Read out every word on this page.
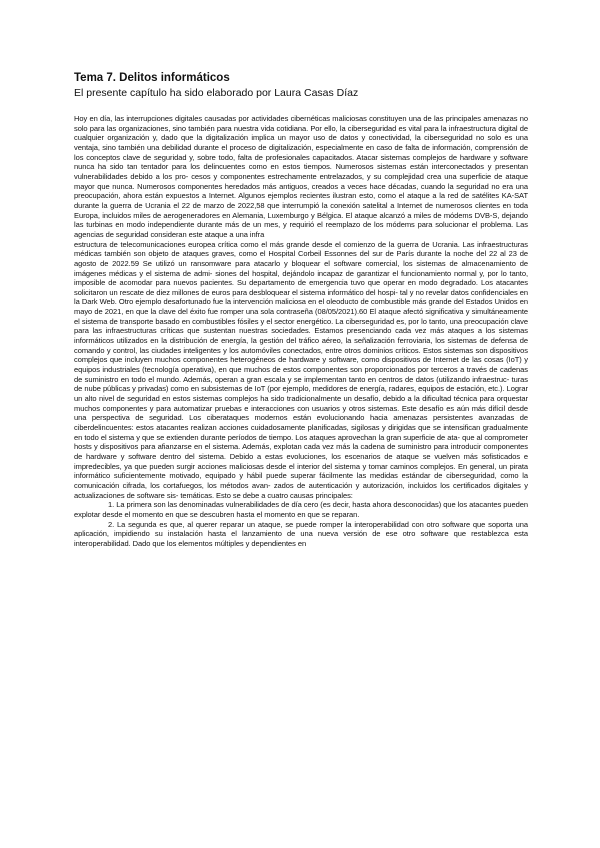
Tema 7. Delitos informáticos

El presente capítulo ha sido elaborado por Laura Casas Díaz

Hoy en día, las interrupciones digitales causadas por actividades cibernéticas maliciosas constituyen una de las principales amenazas no solo para las organizaciones, sino también para nuestra vida cotidiana. Por ello, la ciberseguridad es vital para la infraestructura digital de cualquier organización y, dado que la digitalización implica un mayor uso de datos y conectividad, la ciberseguridad no solo es una ventaja, sino también una debilidad durante el proceso de digitalización, especialmente en caso de falta de información, comprensión de los conceptos clave de seguridad y, sobre todo, falta de profesionales capacitados. Atacar sistemas complejos de hardware y software nunca ha sido tan tentador para los delincuentes como en estos tiempos. Numerosos sistemas están interconectados y presentan vulnerabilidades debido a los pro- cesos y componentes estrechamente entrelazados, y su complejidad crea una superficie de ataque mayor que nunca. Numerosos componentes heredados más antiguos, creados a veces hace décadas, cuando la seguridad no era una preocupación, ahora están expuestos a Internet. Algunos ejemplos recientes ilustran esto, como el ataque a la red de satélites KA-SAT durante la guerra de Ucrania el 22 de marzo de 2022,58 que interrumpió la conexión satelital a Internet de numerosos clientes en toda Europa, incluidos miles de aerogeneradores en Alemania, Luxemburgo y Bélgica. El ataque alcanzó a miles de módems DVB-S, dejando las turbinas en modo independiente durante más de un mes, y requirió el reemplazo de los módems para solucionar el problema. Las agencias de seguridad consideran este ataque a una infra

estructura de telecomunicaciones europea crítica como el más grande desde el comienzo de la guerra de Ucrania. Las infraestructuras médicas también son objeto de ataques graves, como el Hospital Corbeil Essonnes del sur de París durante la noche del 22 al 23 de agosto de 2022.59 Se utilizó un ransomware para atacarlo y bloquear el software comercial, los sistemas de almacenamiento de imágenes médicas y el sistema de admi- siones del hospital, dejándolo incapaz de garantizar el funcionamiento normal y, por lo tanto, imposible de acomodar para nuevos pacientes. Su departamento de emergencia tuvo que operar en modo degradado. Los atacantes solicitaron un rescate de diez millones de euros para desbloquear el sistema informático del hospi- tal y no revelar datos confidenciales en la Dark Web. Otro ejemplo desafortunado fue la intervención maliciosa en el oleoducto de combustible más grande del Estados Unidos en mayo de 2021, en que la clave del éxito fue romper una sola contraseña (08/05/2021).60 El ataque afectó significativa y simultáneamente el sistema de transporte basado en combustibles fósiles y el sector energético. La ciberseguridad es, por lo tanto, una preocupación clave para las infraestructuras críticas que sustentan nuestras sociedades. Estamos presenciando cada vez más ataques a los sistemas informáticos utilizados en la distribución de energía, la gestión del tráfico aéreo, la señalización ferroviaria, los sistemas de defensa de comando y control, las ciudades inteligentes y los automóviles conectados, entre otros dominios críticos. Estos sistemas son dispositivos complejos que incluyen muchos componentes heterogéneos de hardware y software, como dispositivos de Internet de las cosas (IoT) y equipos industriales (tecnología operativa), en que muchos de estos componentes son proporcionados por terceros a través de cadenas de suministro en todo el mundo. Además, operan a gran escala y se implementan tanto en centros de datos (utilizando infraestruc- turas de nube públicas y privadas) como en subsistemas de IoT (por ejemplo, medidores de energía, radares, equipos de estación, etc.). Lograr un alto nivel de seguridad en estos sistemas complejos ha sido tradicionalmente un desafío, debido a la dificultad técnica para orquestar muchos componentes y para automatizar pruebas e interacciones con usuarios y otros sistemas. Este desafío es aún más difícil desde una perspectiva de seguridad. Los ciberataques modernos están evolucionando hacia amenazas persistentes avanzadas de ciberdelincuentes: estos atacantes realizan acciones cuidadosamente planificadas, sigilosas y dirigidas que se intensifican gradualmente en todo el sistema y que se extienden durante períodos de tiempo. Los ataques aprovechan la gran superficie de ata- que al comprometer hosts y dispositivos para afianzarse en el sistema. Además, explotan cada vez más la cadena de suministro para introducir componentes de hardware y software dentro del sistema. Debido a estas evoluciones, los escenarios de ataque se vuelven más sofisticados e impredecibles, ya que pueden surgir acciones maliciosas desde el interior del sistema y tomar caminos complejos. En general, un pirata informático suficientemente motivado, equipado y hábil puede superar fácilmente las medidas estándar de ciberseguridad, como la comunicación cifrada, los cortafuegos, los métodos avan- zados de autenticación y autorización, incluidos los certificados digitales y actualizaciones de software sis- temáticas. Esto se debe a cuatro causas principales:

1. La primera son las denominadas vulnerabilidades de día cero (es decir, hasta ahora desconocidas) que los atacantes pueden explotar desde el momento en que se descubren hasta el momento en que se reparan.

2. La segunda es que, al querer reparar un ataque, se puede romper la interoperabilidad con otro software que soporta una aplicación, impidiendo su instalación hasta el lanzamiento de una nueva versión de ese otro software que restablezca esta interoperabilidad. Dado que los elementos múltiples y dependientes en
